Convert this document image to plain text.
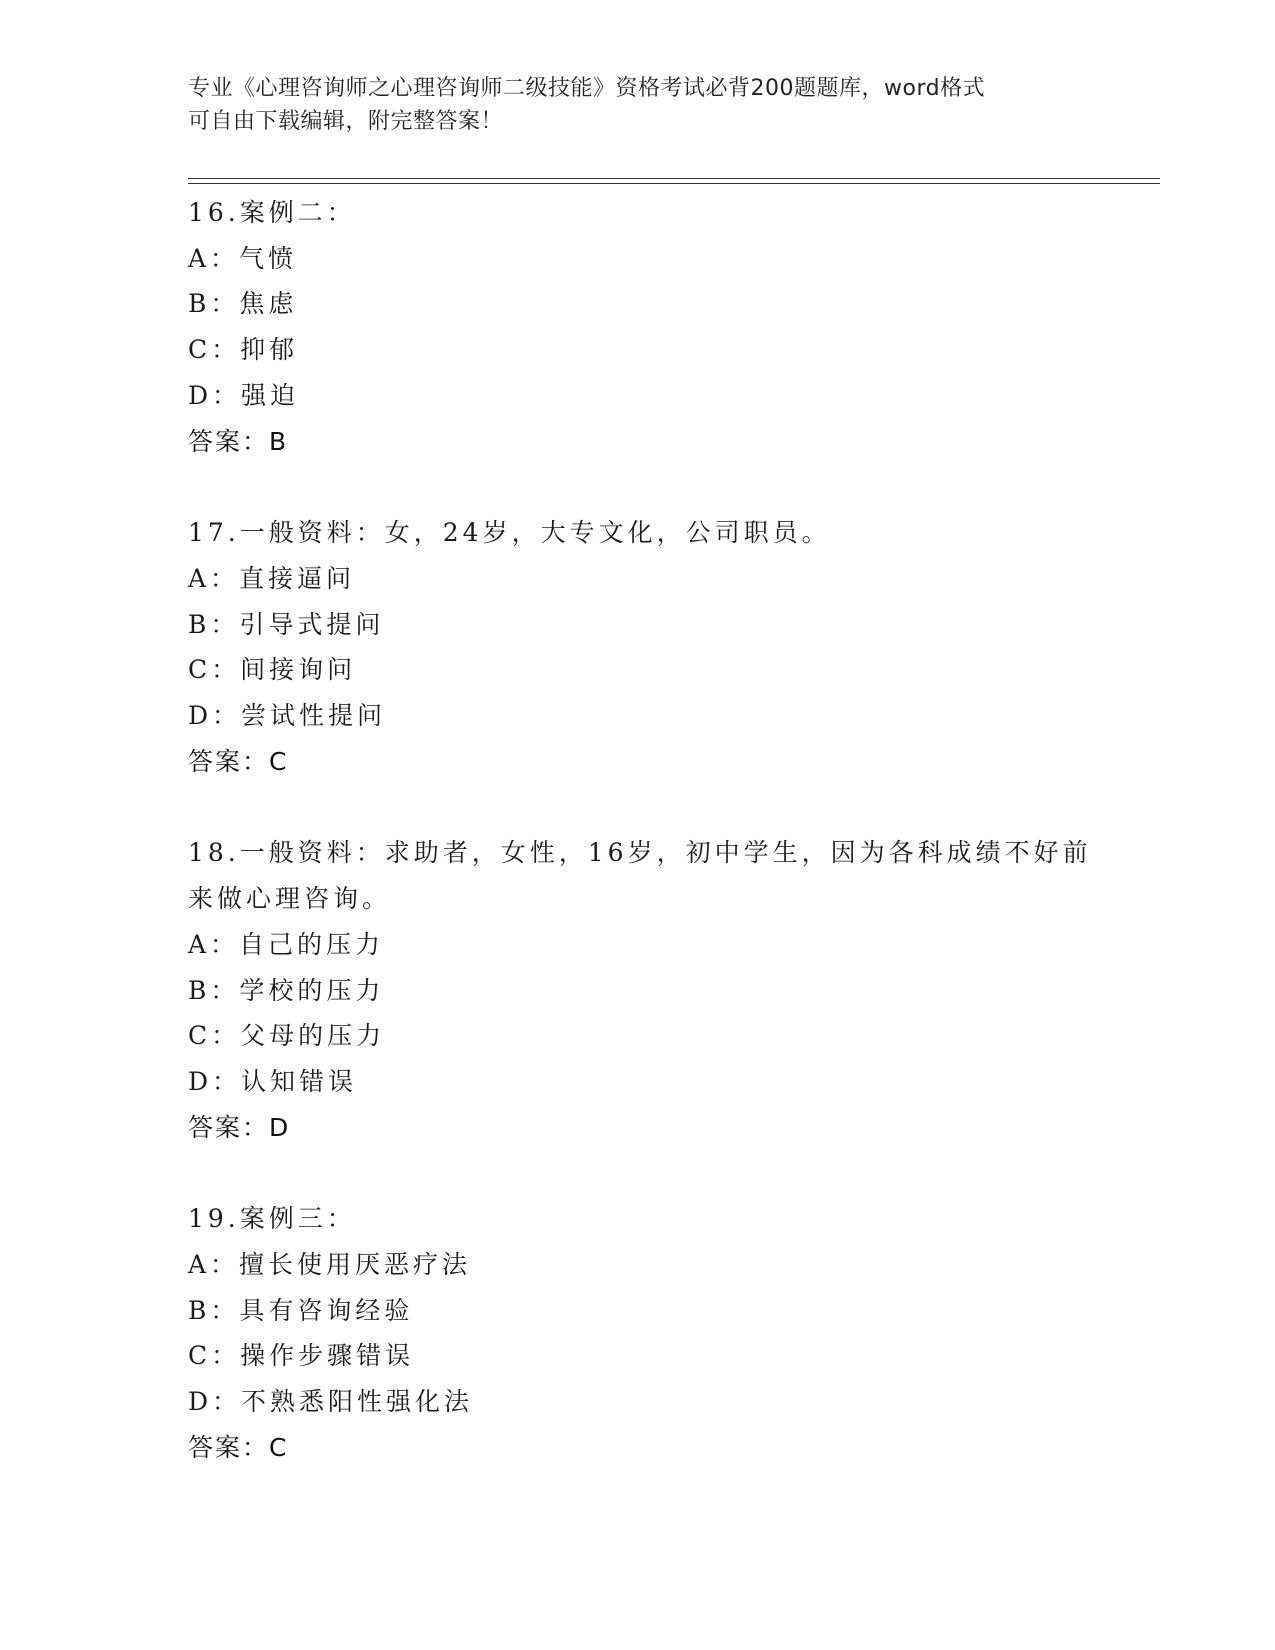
专业《心理咨询师之心理咨询师二级技能》资格考试必背200题题库，word格式
可自由下载编辑，附完整答案！
16.案例二：
A：气愤
B：焦虑
C：抑郁
D：强迫
答案：B
17.一般资料：女，24岁，大专文化，公司职员。
A：直接逼问
B：引导式提问
C：间接询问
D：尝试性提问
答案：C
18.一般资料：求助者，女性，16岁，初中学生，因为各科成绩不好前
来做心理咨询。
A：自己的压力
B：学校的压力
C：父母的压力
D：认知错误
答案：D
19.案例三：
A：擅长使用厌恶疗法
B：具有咨询经验
C：操作步骤错误
D：不熟悉阳性强化法
答案：C
